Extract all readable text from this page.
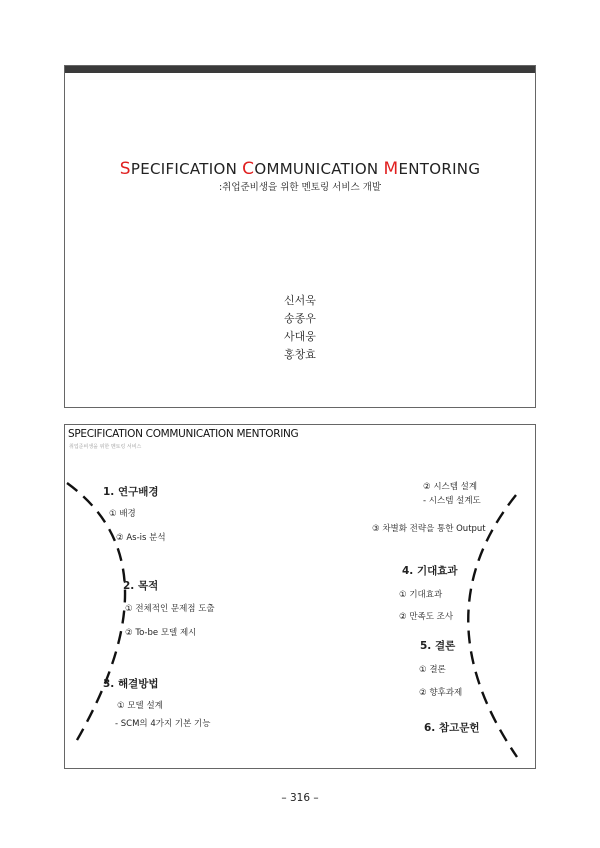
SPECIFICATION COMMUNICATION MENTORING
:취업준비생을 위한 멘토링 서비스 개발
신서욱
송종우
사대웅
홍창효
SPECIFICATION COMMUNICATION MENTORING
취업준비생을 위한 멘토링 서비스
1. 연구배경
① 배경
② As-is 분석
2. 목적
① 전체적인 문제점 도출
② To-be 모델 제시
3. 해결방법
① 모델 설계
- SCM의 4가지 기본 기능
② 시스템 설계
- 시스템 설계도
③ 차별화 전략을 통한 Output
4. 기대효과
① 기대효과
② 만족도 조사
5. 결론
① 결론
② 향후과제
6. 참고문헌
– 316 –
